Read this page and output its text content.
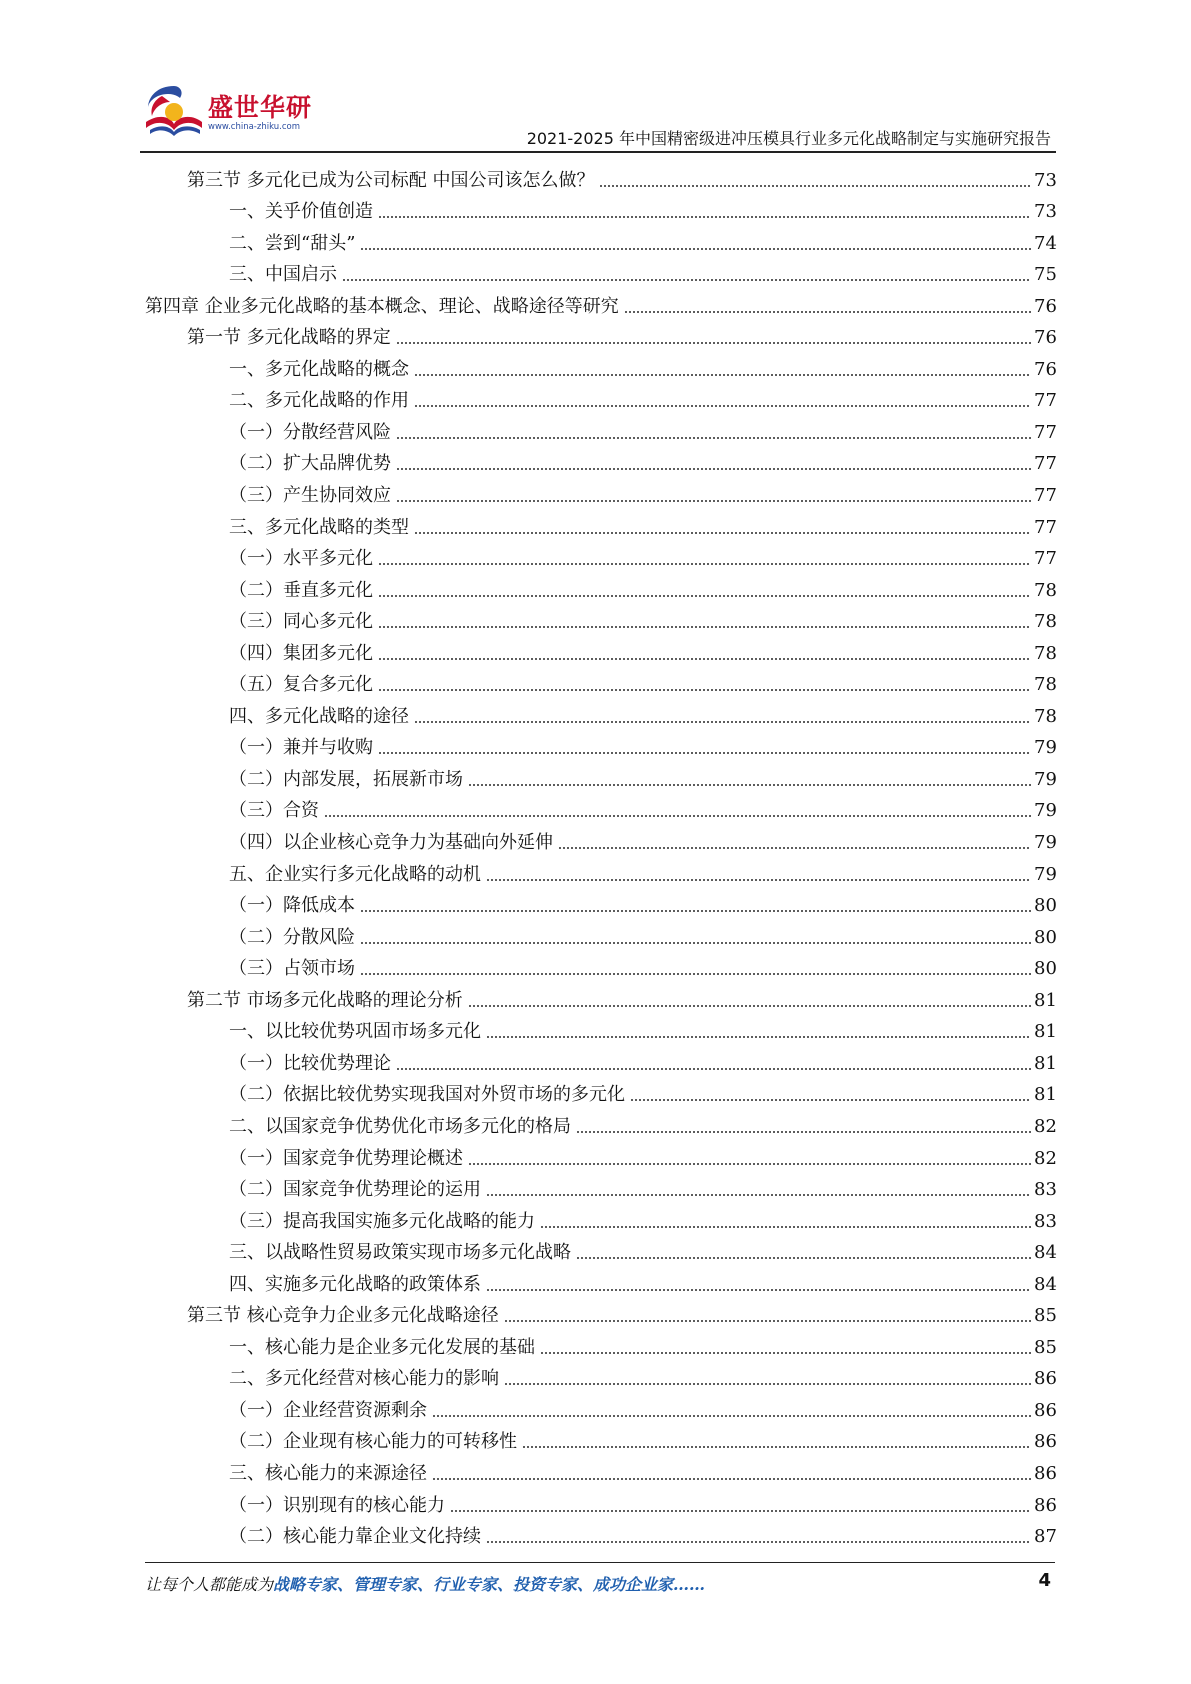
盛世华研
www.china-zhiku.com
2021-2025 年中国精密级进冲压模具行业多元化战略制定与实施研究报告
第三节 多元化已成为公司标配 中国公司该怎么做？	73
一、关乎价值创造	73
二、尝到“甜头”	74
三、中国启示	75
第四章 企业多元化战略的基本概念、理论、战略途径等研究	76
第一节 多元化战略的界定	76
一、多元化战略的概念	76
二、多元化战略的作用	77
（一）分散经营风险	77
（二）扩大品牌优势	77
（三）产生协同效应	77
三、多元化战略的类型	77
（一）水平多元化	77
（二）垂直多元化	78
（三）同心多元化	78
（四）集团多元化	78
（五）复合多元化	78
四、多元化战略的途径	78
（一）兼并与收购	79
（二）内部发展，拓展新市场	79
（三）合资	79
（四）以企业核心竞争力为基础向外延伸	79
五、企业实行多元化战略的动机	79
（一）降低成本	80
（二）分散风险	80
（三）占领市场	80
第二节 市场多元化战略的理论分析	81
一、以比较优势巩固市场多元化	81
（一）比较优势理论	81
（二）依据比较优势实现我国对外贸市场的多元化	81
二、以国家竞争优势优化市场多元化的格局	82
（一）国家竞争优势理论概述	82
（二）国家竞争优势理论的运用	83
（三）提高我国实施多元化战略的能力	83
三、以战略性贸易政策实现市场多元化战略	84
四、实施多元化战略的政策体系	84
第三节 核心竞争力企业多元化战略途径	85
一、核心能力是企业多元化发展的基础	85
二、多元化经营对核心能力的影响	86
（一）企业经营资源剩余	86
（二）企业现有核心能力的可转移性	86
三、核心能力的来源途径	86
（一）识别现有的核心能力	86
（二）核心能力靠企业文化持续	87
让每个人都能成为战略专家、管理专家、行业专家、投资专家、成功企业家……	4
